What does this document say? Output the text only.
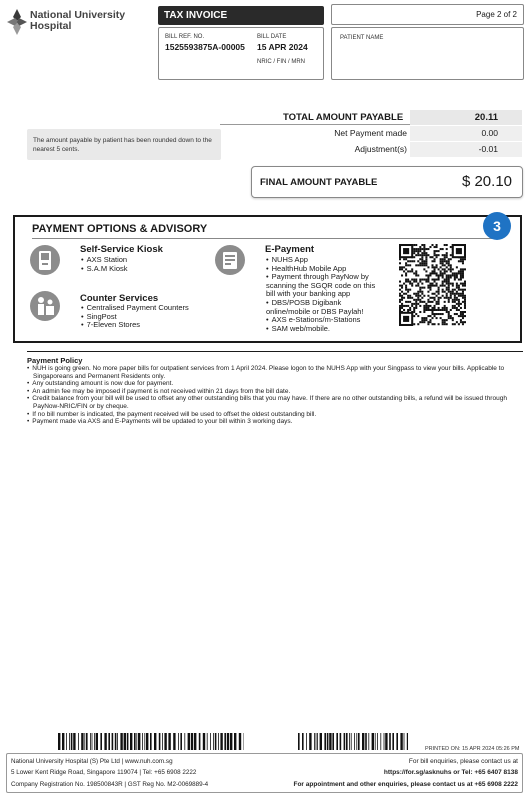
National University
Hospital
TAX INVOICE	Page 2 of 2
BILL REF. NO.
1525593875A-00005
BILL DATE
15 APR 2024
NRIC / FIN / MRN
PATIENT NAME
TOTAL AMOUNT PAYABLE	20.11
Net Payment made	0.00
Adjustment(s)	-0.01
The amount payable by patient has been rounded down to the nearest 5 cents.
FINAL AMOUNT PAYABLE	$ 20.10
PAYMENT OPTIONS & ADVISORY
Self-Service Kiosk
• AXS Station
• S.A.M Kiosk
Counter Services
• Centralised Payment Counters
• SingPost
• 7-Eleven Stores
E-Payment
• NUHS App
• HealthHub Mobile App
• Payment through PayNow by scanning the SGQR code on this bill with your banking app
• DBS/POSB Digibank online/mobile or DBS Paylah!
• AXS e-Stations/m-Stations
• SAM web/mobile.
3
Payment Policy
• NUH is going green. No more paper bills for outpatient services from 1 April 2024. Please logon to the NUHS App with your Singpass to view your bills. Applicable to Singaporeans and Permanent Residents only.
• Any outstanding amount is now due for payment.
• An admin fee may be imposed if payment is not received within 21 days from the bill date.
• Credit balance from your bill will be used to offset any other outstanding bills that you may have. If there are no other outstanding bills, a refund will be issued through PayNow-NRIC/FIN or by cheque.
• If no bill number is indicated, the payment received will be used to offset the oldest outstanding bill.
• Payment made via AXS and E-Payments will be updated to your bill within 3 working days.
PRINTED ON: 15 APR 2024 05:26 PM
National University Hospital (S) Pte Ltd | www.nuh.com.sg
5 Lower Kent Ridge Road, Singapore 119074 | Tel: +65 6908 2222
Company Registration No. 198500843R | GST Reg No. M2-0069889-4
For bill enquiries, please contact us at
https://for.sg/asknuhs or Tel: +65 6407 8138
For appointment and other enquiries, please contact us at +65 6908 2222
